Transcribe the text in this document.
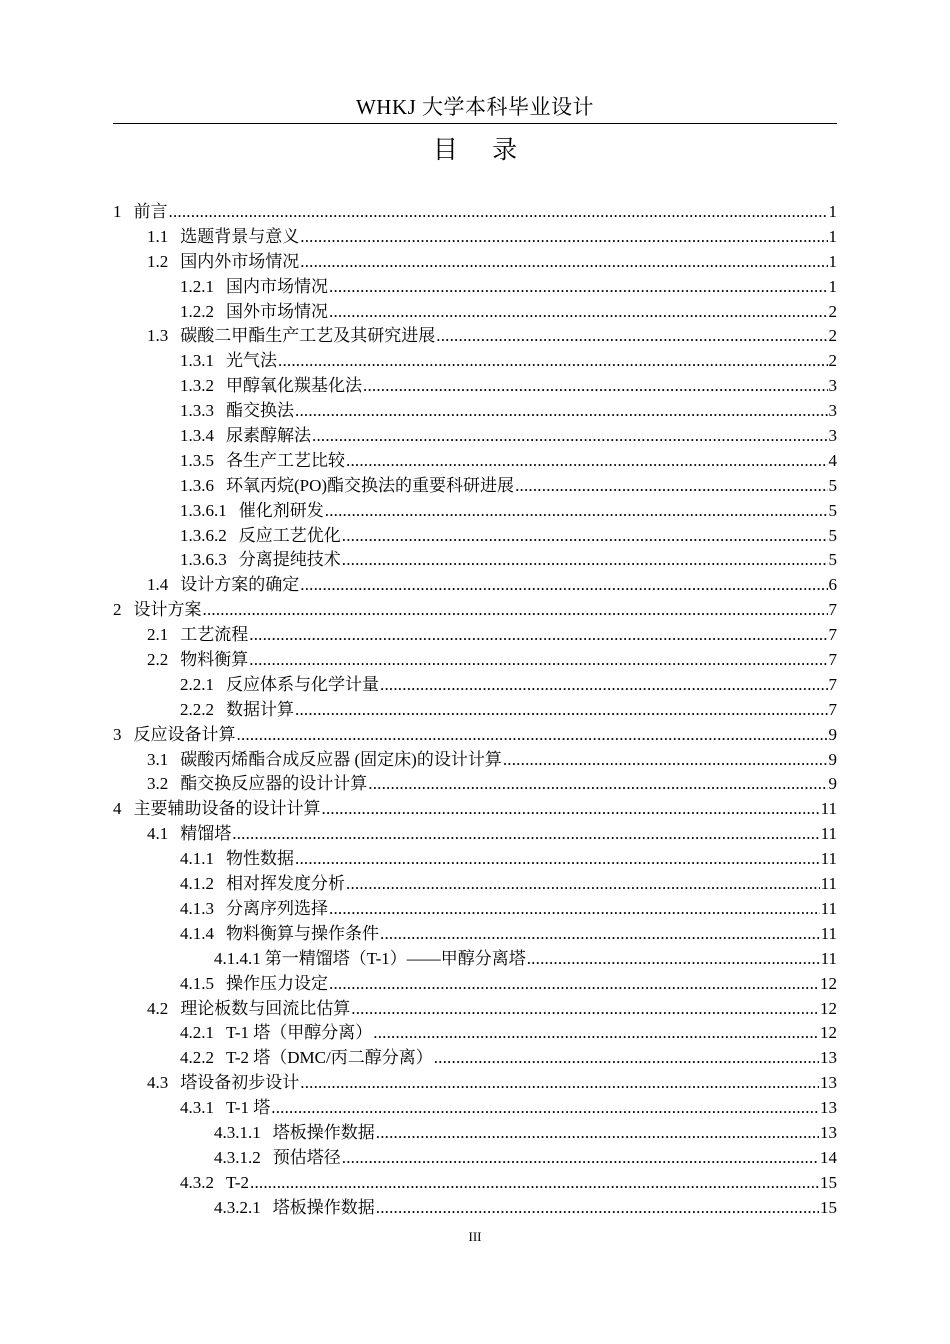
WHKJ 大学本科毕业设计
目 录
1 前言 .....	1
1.1 选题背景与意义 .....	1
1.2 国内外市场情况 .....	1
1.2.1 国内市场情况 .....	1
1.2.2 国外市场情况 .....	2
1.3 碳酸二甲酯生产工艺及其研究进展 .....	2
1.3.1 光气法 .....	2
1.3.2 甲醇氧化羰基化法 .....	3
1.3.3 酯交换法 .....	3
1.3.4 尿素醇解法 .....	3
1.3.5 各生产工艺比较 .....	4
1.3.6 环氧丙烷(PO)酯交换法的重要科研进展 .....	5
1.3.6.1 催化剂研发 .....	5
1.3.6.2 反应工艺优化 .....	5
1.3.6.3 分离提纯技术 .....	5
1.4 设计方案的确定 .....	6
2 设计方案 .....	7
2.1 工艺流程 .....	7
2.2 物料衡算 .....	7
2.2.1 反应体系与化学计量 .....	7
2.2.2 数据计算 .....	7
3 反应设备计算 .....	9
3.1 碳酸丙烯酯合成反应器 (固定床)的设计计算 .....	9
3.2 酯交换反应器的设计计算 .....	9
4 主要辅助设备的设计计算 .....	11
4.1 精馏塔 .....	11
4.1.1 物性数据 .....	11
4.1.2 相对挥发度分析 .....	11
4.1.3 分离序列选择 .....	11
4.1.4 物料衡算与操作条件 .....	11
4.1.4.1 第一精馏塔（T-1）——甲醇分离塔 .....	11
4.1.5 操作压力设定 .....	12
4.2 理论板数与回流比估算 .....	12
4.2.1 T-1 塔（甲醇分离） .....	12
4.2.2 T-2 塔（DMC/丙二醇分离） .....	13
4.3 塔设备初步设计 .....	13
4.3.1 T-1 塔 .....	13
4.3.1.1 塔板操作数据 .....	13
4.3.1.2 预估塔径 .....	14
4.3.2 T-2 .....	15
4.3.2.1 塔板操作数据 .....	15
III
